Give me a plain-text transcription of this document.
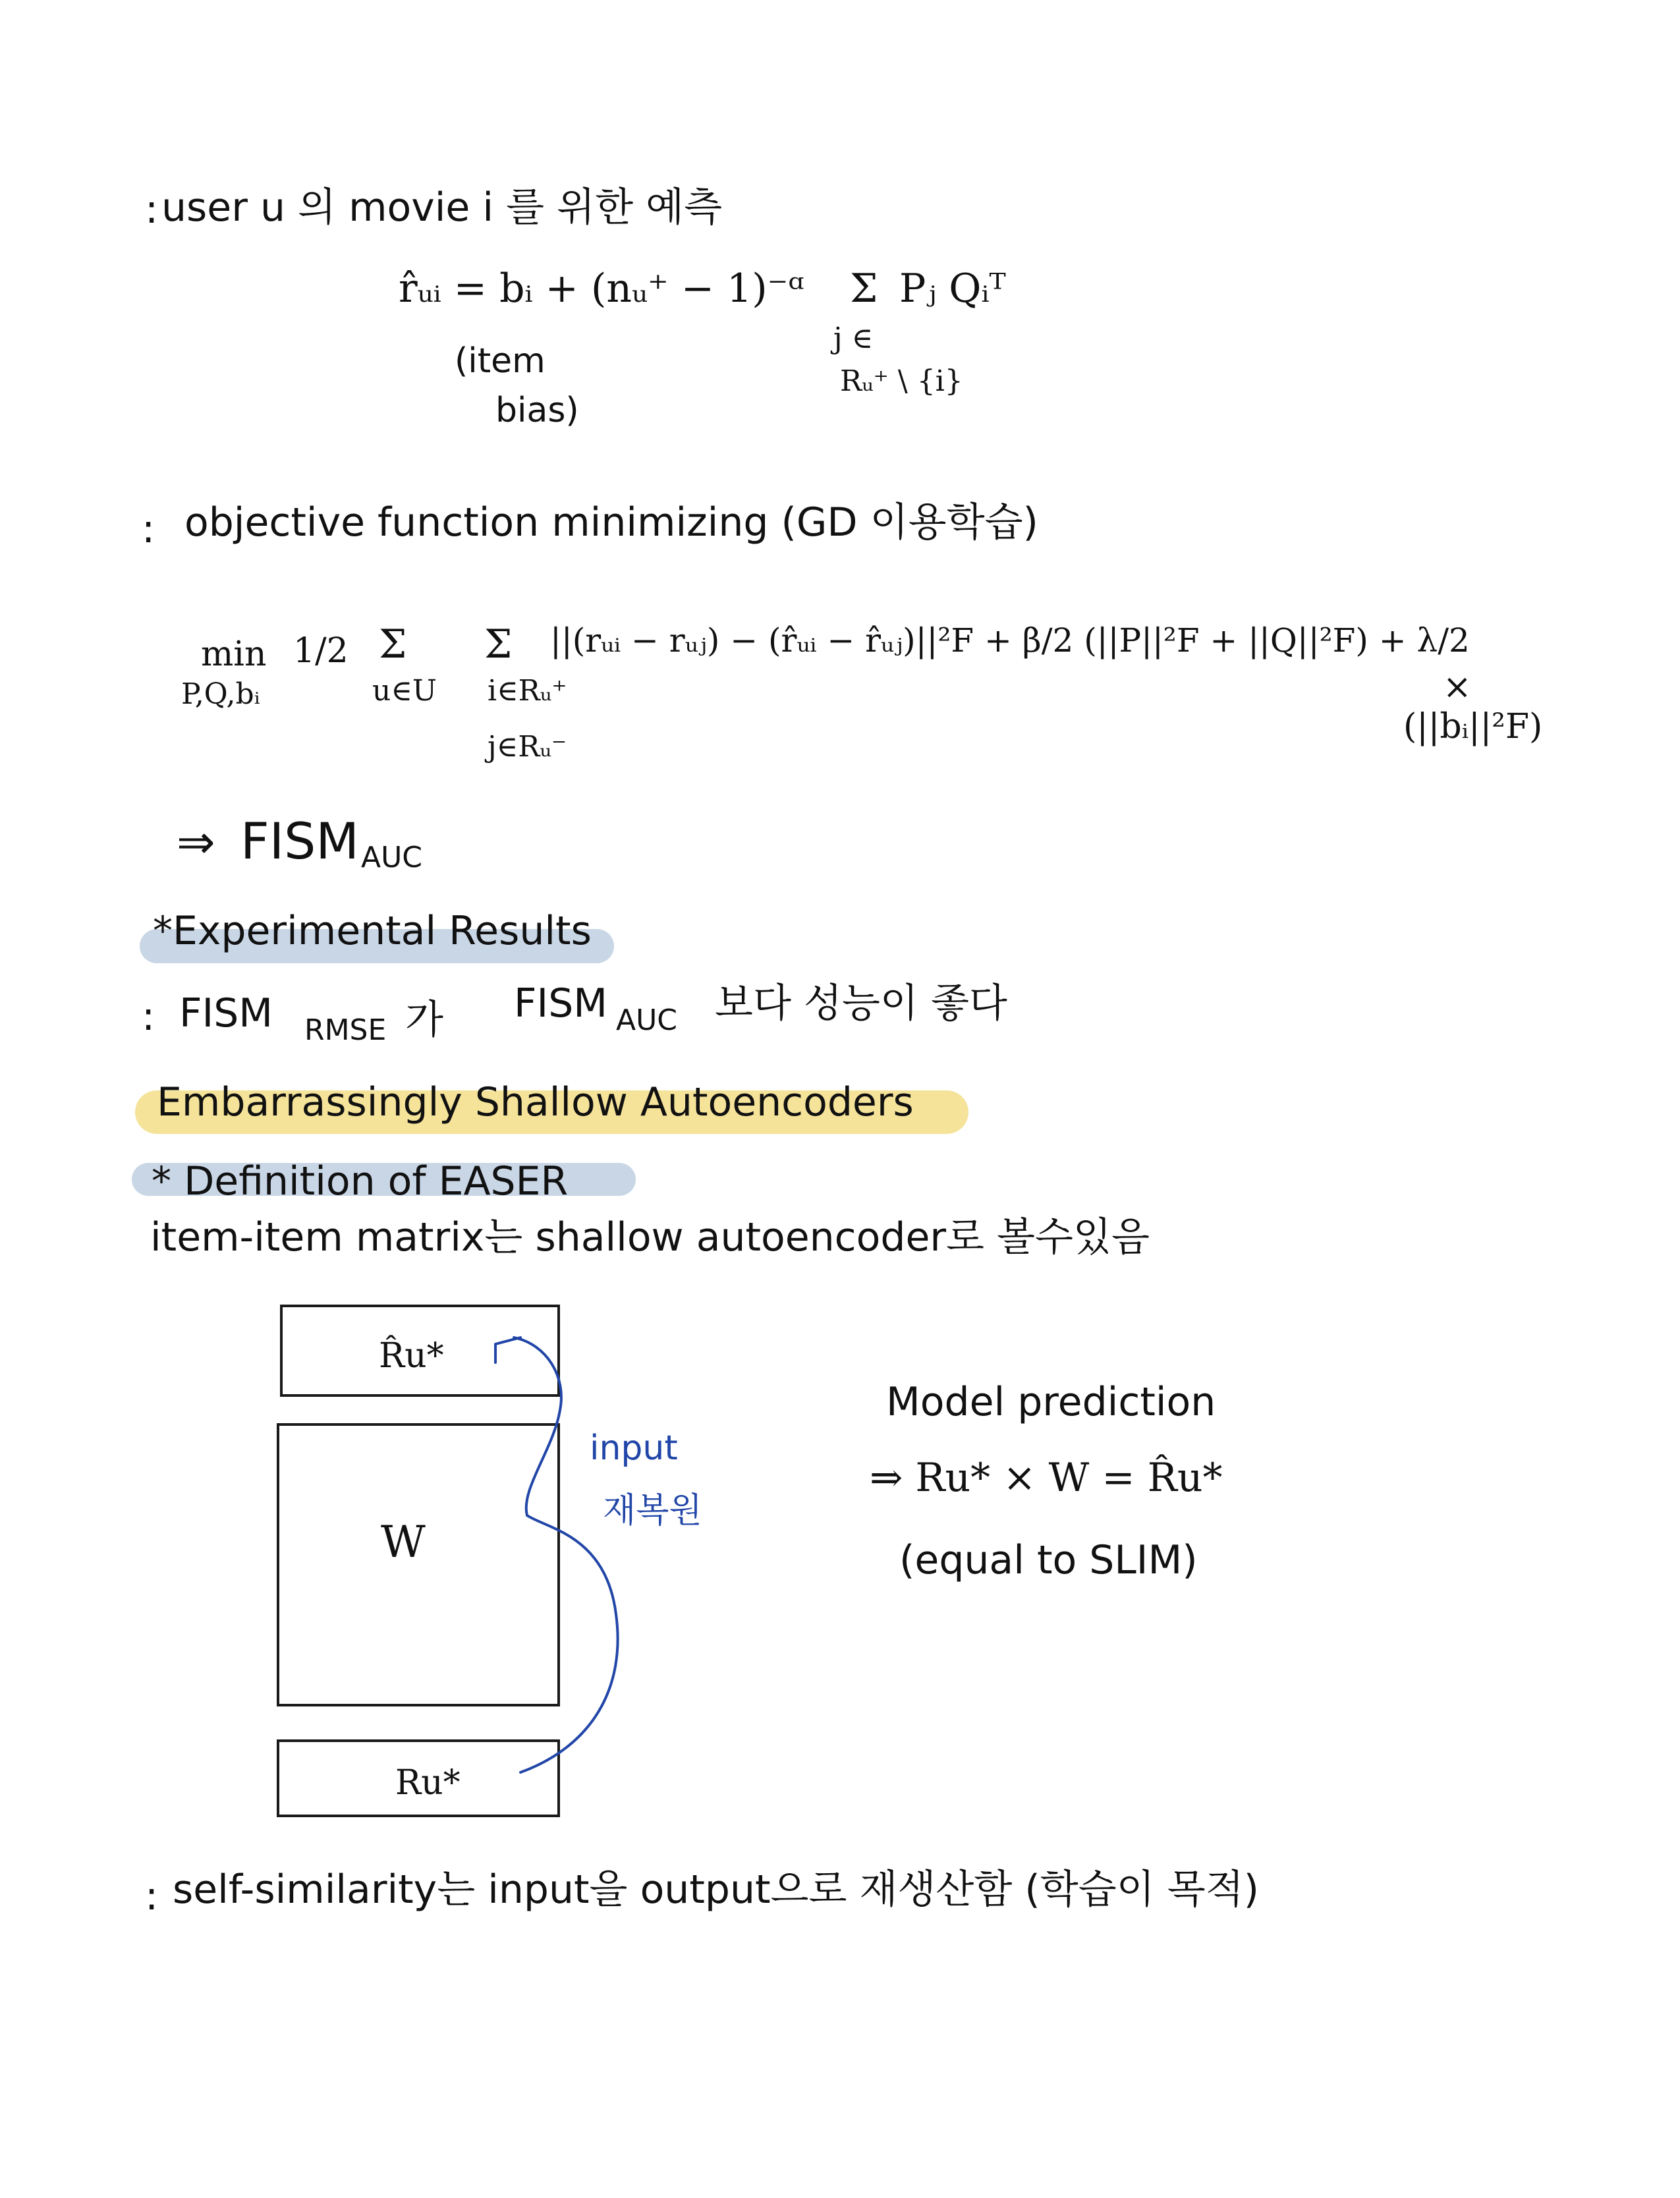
: user u 의 movie i 를 위한 예측
r̂ᵤᵢ = bᵢ + (nᵤ⁺ − 1)⁻ᵅ Σ Pⱼ Qᵢᵀ
j ∈
Rᵤ⁺ \ {i}
(item
bias)
: objective function minimizing (GD 이용학습)
min
P,Q,bᵢ
1/2 Σ
u∈U
Σ
i∈Rᵤ⁺
j∈Rᵤ⁻
||(rᵤᵢ − rᵤⱼ) − (r̂ᵤᵢ − r̂ᵤⱼ)||²F + β/2 (||P||²F + ||Q||²F) + λ/2
×
(||bᵢ||²F)
⇒ FISM AUC
*Experimental Results
: FISM RMSE 가 FISM AUC 보다 성능이 좋다
Embarrassingly Shallow Autoencoders
* Definition of EASER
item-item matrix는 shallow autoencoder로 볼수있음
R̂u*
W
Ru*
input
재복원
Model prediction
⇒ Ru* × W = R̂u*
(equal to SLIM)
: self-similarity는 input을 output으로 재생산함 (학습이 목적)
